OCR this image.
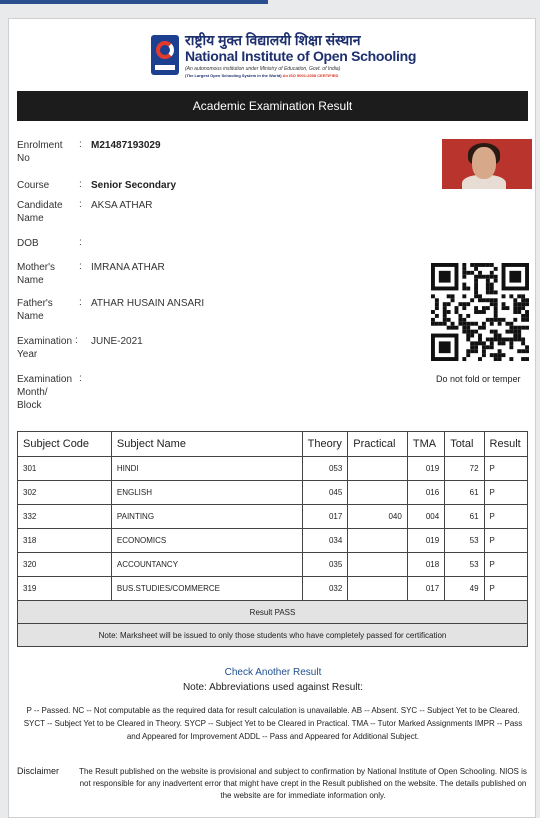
राष्ट्रीय मुक्त विद्यालयी शिक्षा संस्थान
National Institute of Open Schooling
(An autonomous institution under Ministry of Education, Govt. of India)
(The Largest Open Schooling System in the World) An ISO 9001:2008 CERTIFIED
Academic Examination Result
Enrolment
No
: M21487193029
Course	: Senior Secondary
Candidate
Name
: AKSA ATHAR
DOB	:
Mother's
Name
: IMRANA ATHAR
Father's
Name
: ATHAR HUSAIN ANSARI
Examination
Year
: JUNE-2021
Examination
Month/
Block
:	Do not fold or temper
Subject Code	Subject Name	Theory	Practical	TMA	Total	Result
301	HINDI	053		019	72	P
302	ENGLISH	045		016	61	P
332	PAINTING	017	040	004	61	P
318	ECONOMICS	034		019	53	P
320	ACCOUNTANCY	035		018	53	P
319	BUS.STUDIES/COMMERCE	032		017	49	P
Result PASS						
Note: Marksheet will be issued to only those students who have completely passed for certification						
Check Another Result
Note: Abbreviations used against Result:
P -- Passed. NC -- Not computable as the required data for result calculation is unavailable. AB -- Absent. SYC -- Subject Yet to be Cleared. SYCT -- Subject Yet to be Cleared in Theory. SYCP -- Subject Yet to be Cleared in Practical. TMA -- Tutor Marked Assignments IMPR -- Pass and Appeared for Improvement ADDL -- Pass and Appeared for Additional Subject.
Disclaimer	The Result published on the website is provisional and subject to confirmation by National Institute of Open Schooling. NIOS is not responsible for any inadvertent error that might have crept in the Result published on the website. The details published on the website are for immediate information only.
